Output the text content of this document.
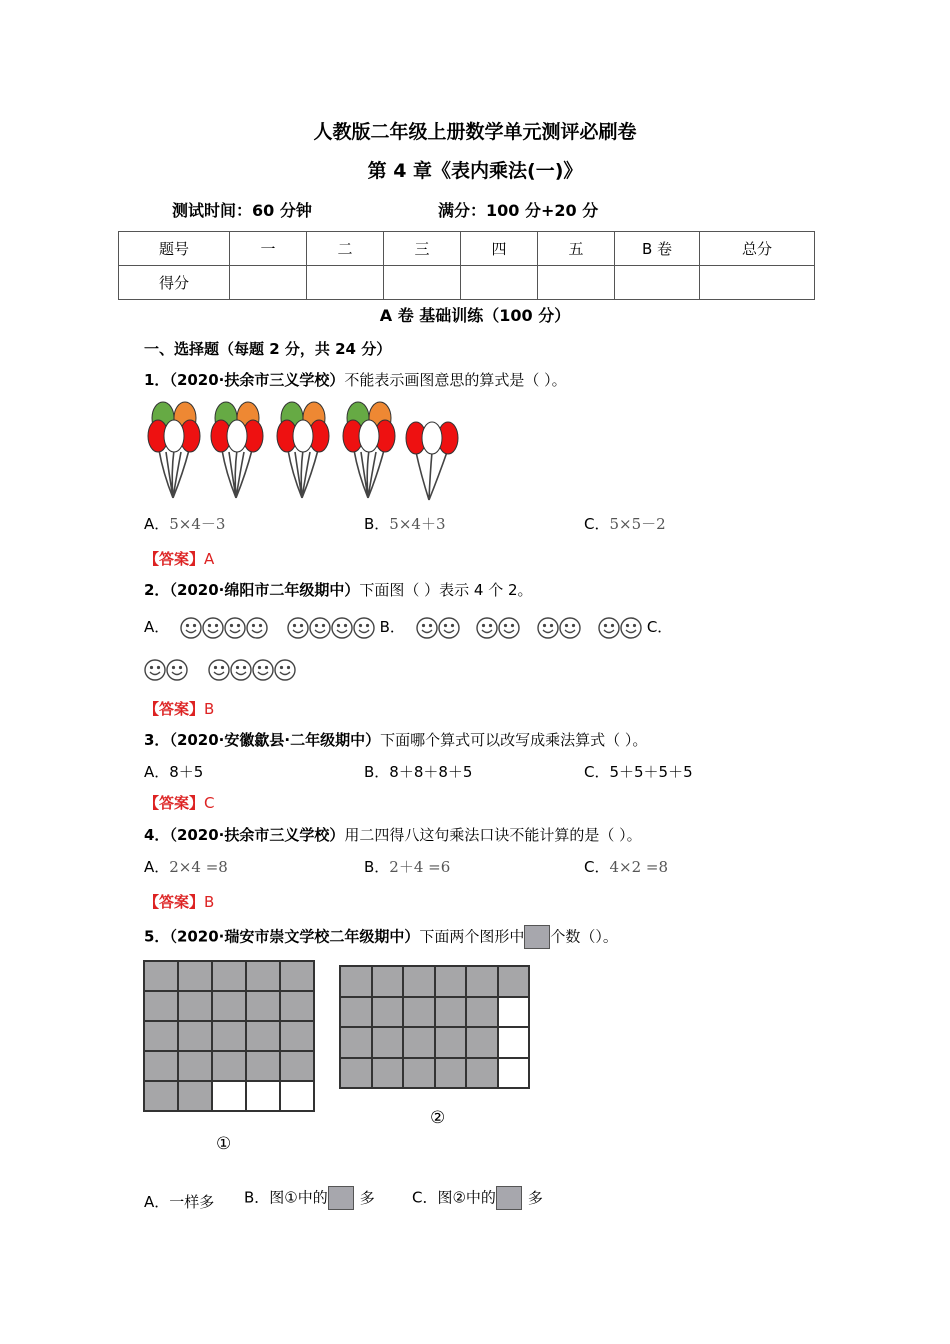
人教版二年级上册数学单元测评必刷卷
第 4 章《表内乘法(一)》
测试时间：60 分钟	满分：100 分+20 分
题号	一	二	三	四	五	B 卷	总分
得分							
A 卷 基础训练（100 分）
一、选择题（每题 2 分，共 24 分）
1．（2020·扶余市三义学校）不能表示画图意思的算式是（ ）。
A．5×4－3	B．5×4＋3	C．5×5－2
【答案】A
2．（2020·绵阳市二年级期中）下面图（ ）表示 4 个 2。
A．	B．	C．

【答案】B
3．（2020·安徽歙县·二年级期中）下面哪个算式可以改写成乘法算式（ ）。
A．8＋5	B．8＋8＋8＋5	C．5＋5＋5＋5
【答案】C
4．（2020·扶余市三义学校）用二四得八这句乘法口诀不能计算的是（ ）。
A．2×4 =8	B．2＋4 =6	C．4×2 =8
【答案】B
5．（2020·瑞安市崇文学校二年级期中）下面两个图形中 个数（）。
①
②
A．一样多 B．图①中的 多 C．图②中的 多
